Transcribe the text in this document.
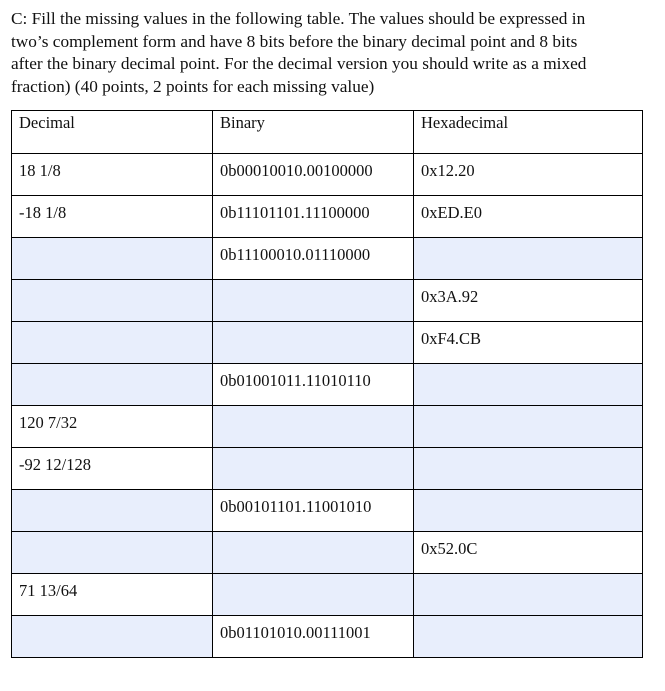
C: Fill the missing values in the following table. The values should be expressed in
two’s complement form and have 8 bits before the binary decimal point and 8 bits
after the binary decimal point. For the decimal version you should write as a mixed
fraction) (40 points, 2 points for each missing value)
Decimal	Binary	Hexadecimal
18 1/8	0b00010010.00100000	0x12.20
-18 1/8	0b11101101.11100000	0xED.E0
	0b11100010.01110000	
		0x3A.92
		0xF4.CB
	0b01001011.11010110	
120 7/32		
-92 12/128		
	0b00101101.11001010	
		0x52.0C
71 13/64		
	0b01101010.00111001	
